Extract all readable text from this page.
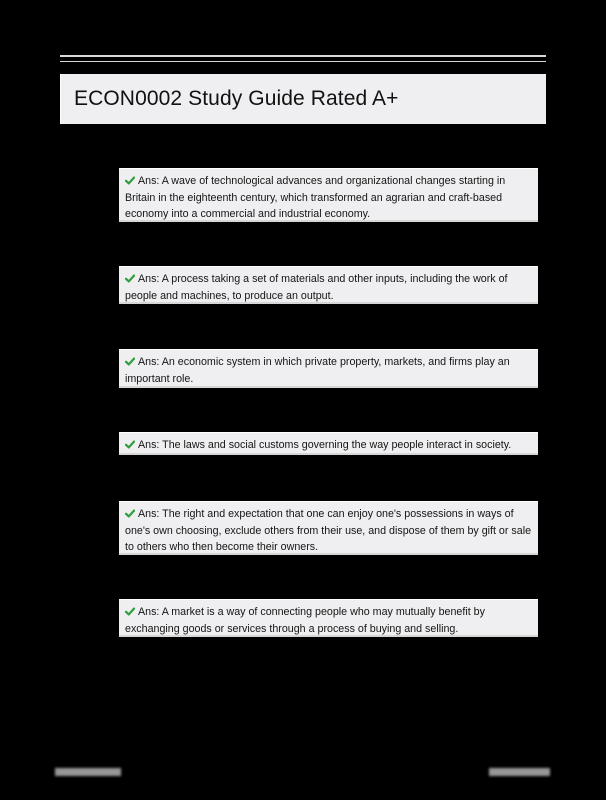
ECON0002 Study Guide Rated A+
Ans: A wave of technological advances and organizational changes starting in Britain in the eighteenth century, which transformed an agrarian and craft-based economy into a commercial and industrial economy.
Ans: A process taking a set of materials and other inputs, including the work of people and machines, to produce an output.
Ans: An economic system in which private property, markets, and firms play an important role.
Ans: The laws and social customs governing the way people interact in society.
Ans: The right and expectation that one can enjoy one's possessions in ways of one's own choosing, exclude others from their use, and dispose of them by gift or sale to others who then become their owners.
Ans: A market is a way of connecting people who may mutually benefit by exchanging goods or services through a process of buying and selling.
